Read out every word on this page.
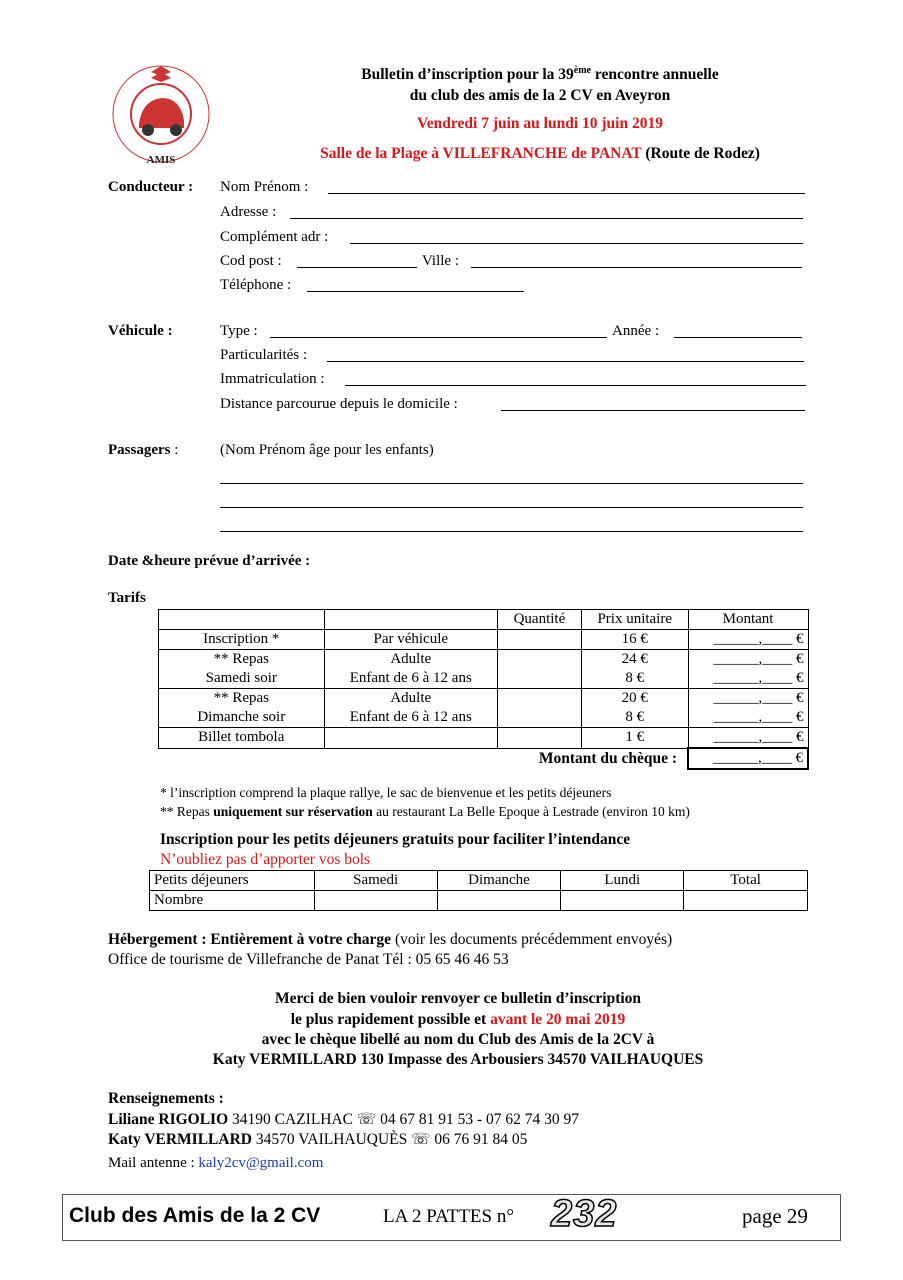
AMIS
Bulletin d’inscription pour la 39ème rencontre annuelle
du club des amis de la 2 CV en Aveyron
Vendredi 7 juin au lundi 10 juin 2019
Salle de la Plage à VILLEFRANCHE de PANAT (Route de Rodez)
Conducteur : Nom Prénom :
Adresse :
Complément adr :
Cod post :	Ville :
Téléphone :
Véhicule :	Type :	Année :
Particularités :
Immatriculation :
Distance parcourue depuis le domicile :
Passagers :	(Nom Prénom âge pour les enfants)
Date &heure prévue d’arrivée :
Tarifs
		Quantité	Prix unitaire	Montant
Inscription *	Par véhicule		16 €	______,____ €
** Repas	Adulte		24 €	______,____ €
Samedi soir	Enfant de 6 à 12 ans		8 €	______,____ €
** Repas	Adulte		20 €	______,____ €
Dimanche soir	Enfant de 6 à 12 ans		8 €	______,____ €
Billet tombola			1 €	______,____ €
		Montant du chèque :		______,____ €
* l’inscription comprend la plaque rallye, le sac de bienvenue et les petits déjeuners
** Repas uniquement sur réservation au restaurant La Belle Epoque à Lestrade (environ 10 km)
Inscription pour les petits déjeuners gratuits pour faciliter l’intendance
N’oubliez pas d’apporter vos bols
Petits déjeuners	Samedi	Dimanche	Lundi	Total
Nombre				
Hébergement : Entièrement à votre charge (voir les documents précédemment envoyés)
Office de tourisme de Villefranche de Panat Tél : 05 65 46 46 53
Merci de bien vouloir renvoyer ce bulletin d’inscription
le plus rapidement possible et avant le 20 mai 2019
avec le chèque libellé au nom du Club des Amis de la 2CV à
Katy VERMILLARD 130 Impasse des Arbousiers 34570 VAILHAUQUES
Renseignements :
Liliane RIGOLIO 34190 CAZILHAC ☏ 04 67 81 91 53 - 07 62 74 30 97
Katy VERMILLARD 34570 VAILHAUQUÈS ☏ 06 76 91 84 05
Mail antenne : kaly2cv@gmail.com
Club des Amis de la 2 CV	LA 2 PATTES n° 232	page 29
